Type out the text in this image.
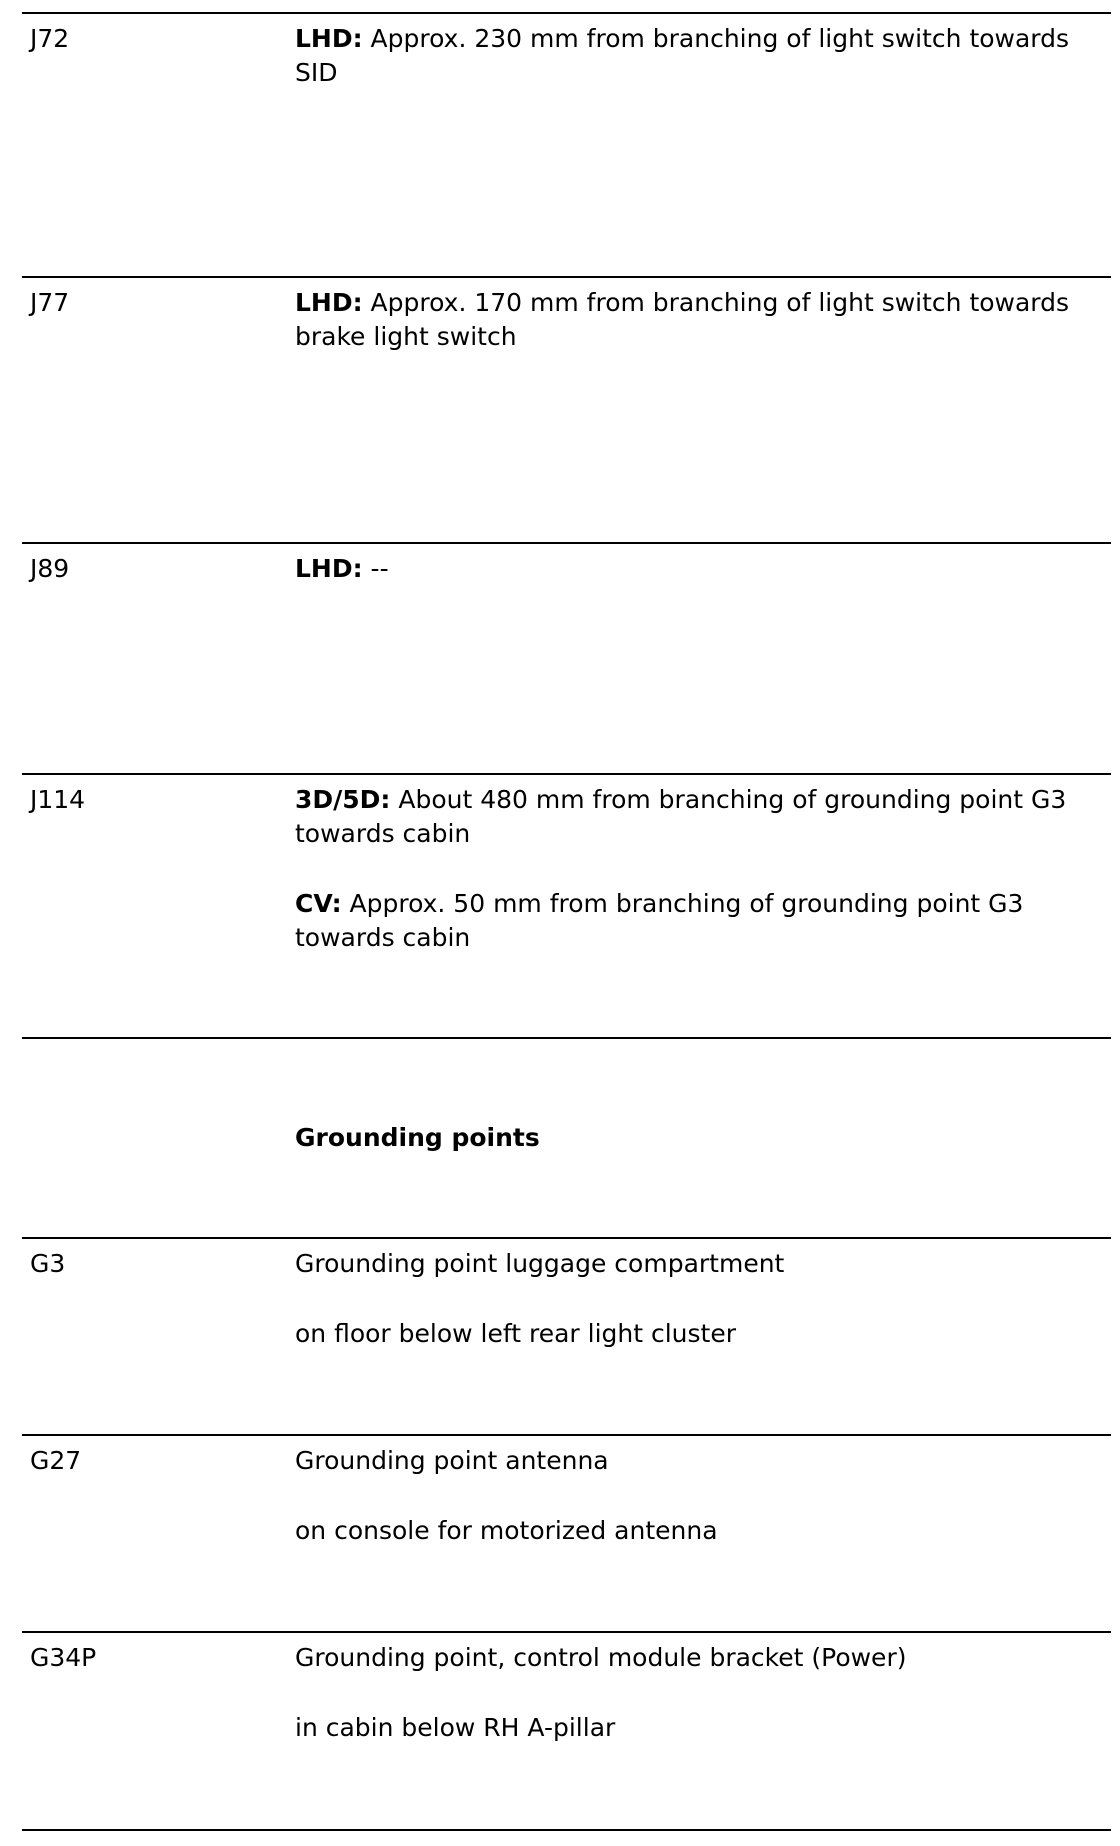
J72	LHD: Approx. 230 mm from branching of light switch towards SID

J77	LHD: Approx. 170 mm from branching of light switch towards brake light switch

J89	LHD: --

J114	3D/5D: About 480 mm from branching of grounding point G3 towards cabin

CV: Approx. 50 mm from branching of grounding point G3 towards cabin

Grounding points
G3	Grounding point luggage compartment

on floor below left rear light cluster

G27	Grounding point antenna

on console for motorized antenna

G34P	Grounding point, control module bracket (Power)

in cabin below RH A-pillar
